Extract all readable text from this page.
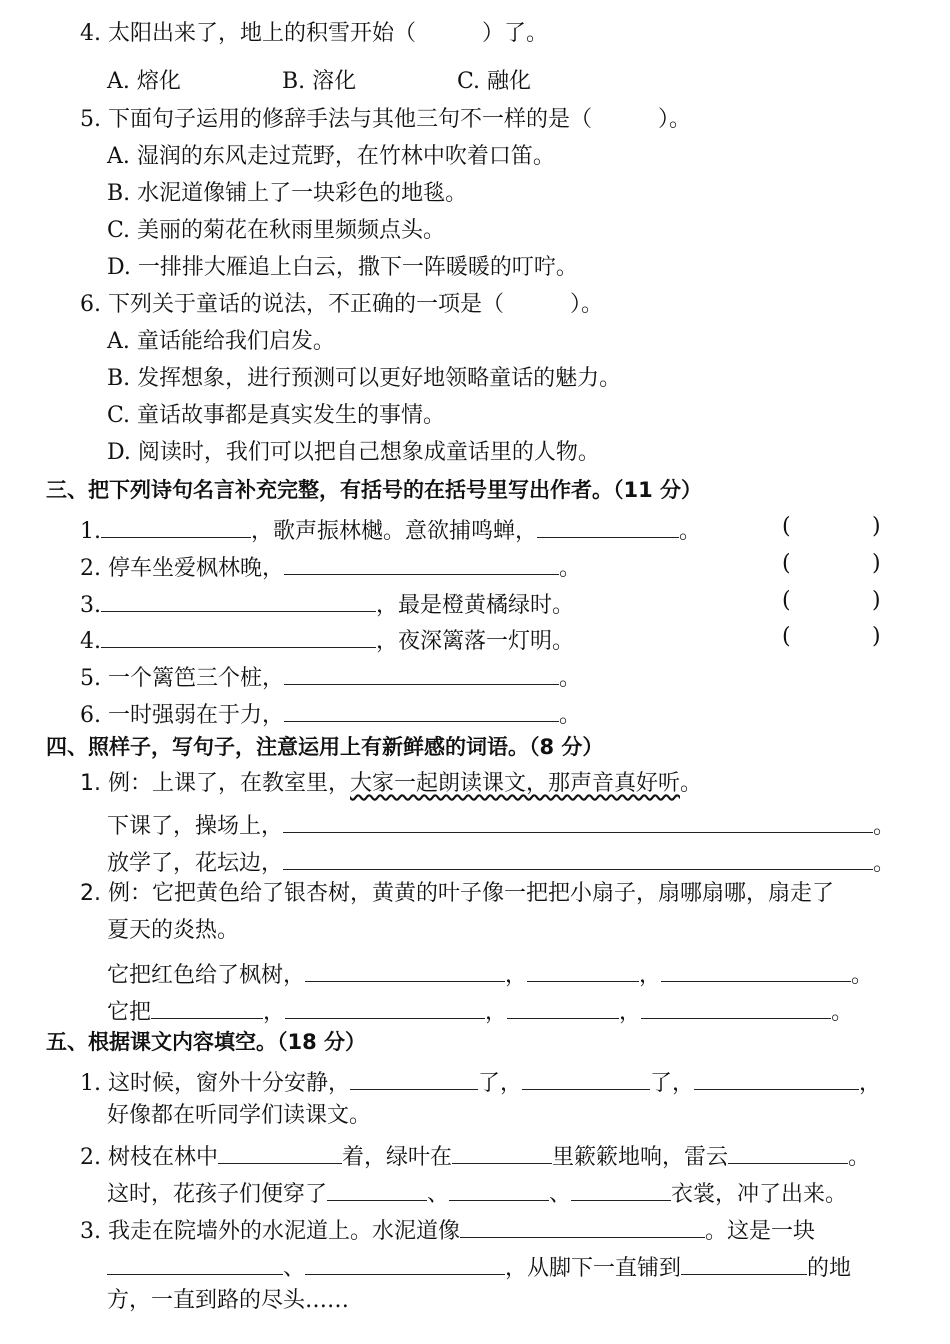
4. 太阳出来了，地上的积雪开始（　　　）了。
A. 熔化	B. 溶化	C. 融化
5. 下面句子运用的修辞手法与其他三句不一样的是（　　　）。
A. 湿润的东风走过荒野，在竹林中吹着口笛。
B. 水泥道像铺上了一块彩色的地毯。
C. 美丽的菊花在秋雨里频频点头。
D. 一排排大雁追上白云，撒下一阵暖暖的叮咛。
6. 下列关于童话的说法，不正确的一项是（　　　）。
A. 童话能给我们启发。
B. 发挥想象，进行预测可以更好地领略童话的魅力。
C. 童话故事都是真实发生的事情。
D. 阅读时，我们可以把自己想象成童话里的人物。
三、把下列诗句名言补充完整，有括号的在括号里写出作者。（11 分）
1.	，歌声振林樾。意欲捕鸣蝉，	。	(	)
2. 停车坐爱枫林晚，	。	(	)
3.	，最是橙黄橘绿时。	(	)
4.	，夜深篱落一灯明。	(	)
5. 一个篱笆三个桩，	。
6. 一时强弱在于力，	。
四、照样子，写句子，注意运用上有新鲜感的词语。（8 分）
1. 例：上课了，在教室里，大家一起朗读课文，那声音真好听。
下课了，操场上，	。
放学了，花坛边，	。
2. 例：它把黄色给了银杏树，黄黄的叶子像一把把小扇子，扇哪扇哪，扇走了
夏天的炎热。
它把红色给了枫树，	，	，	。
它把	，	，	，	。
五、根据课文内容填空。（18 分）
1. 这时候，窗外十分安静，	了，	了，	，
好像都在听同学们读课文。
2. 树枝在林中	着，绿叶在	里簌簌地响，雷云	。
这时，花孩子们便穿了	、	、	衣裳，冲了出来。
3. 我走在院墙外的水泥道上。水泥道像	。这是一块
、	，从脚下一直铺到	的地
方，一直到路的尽头……
